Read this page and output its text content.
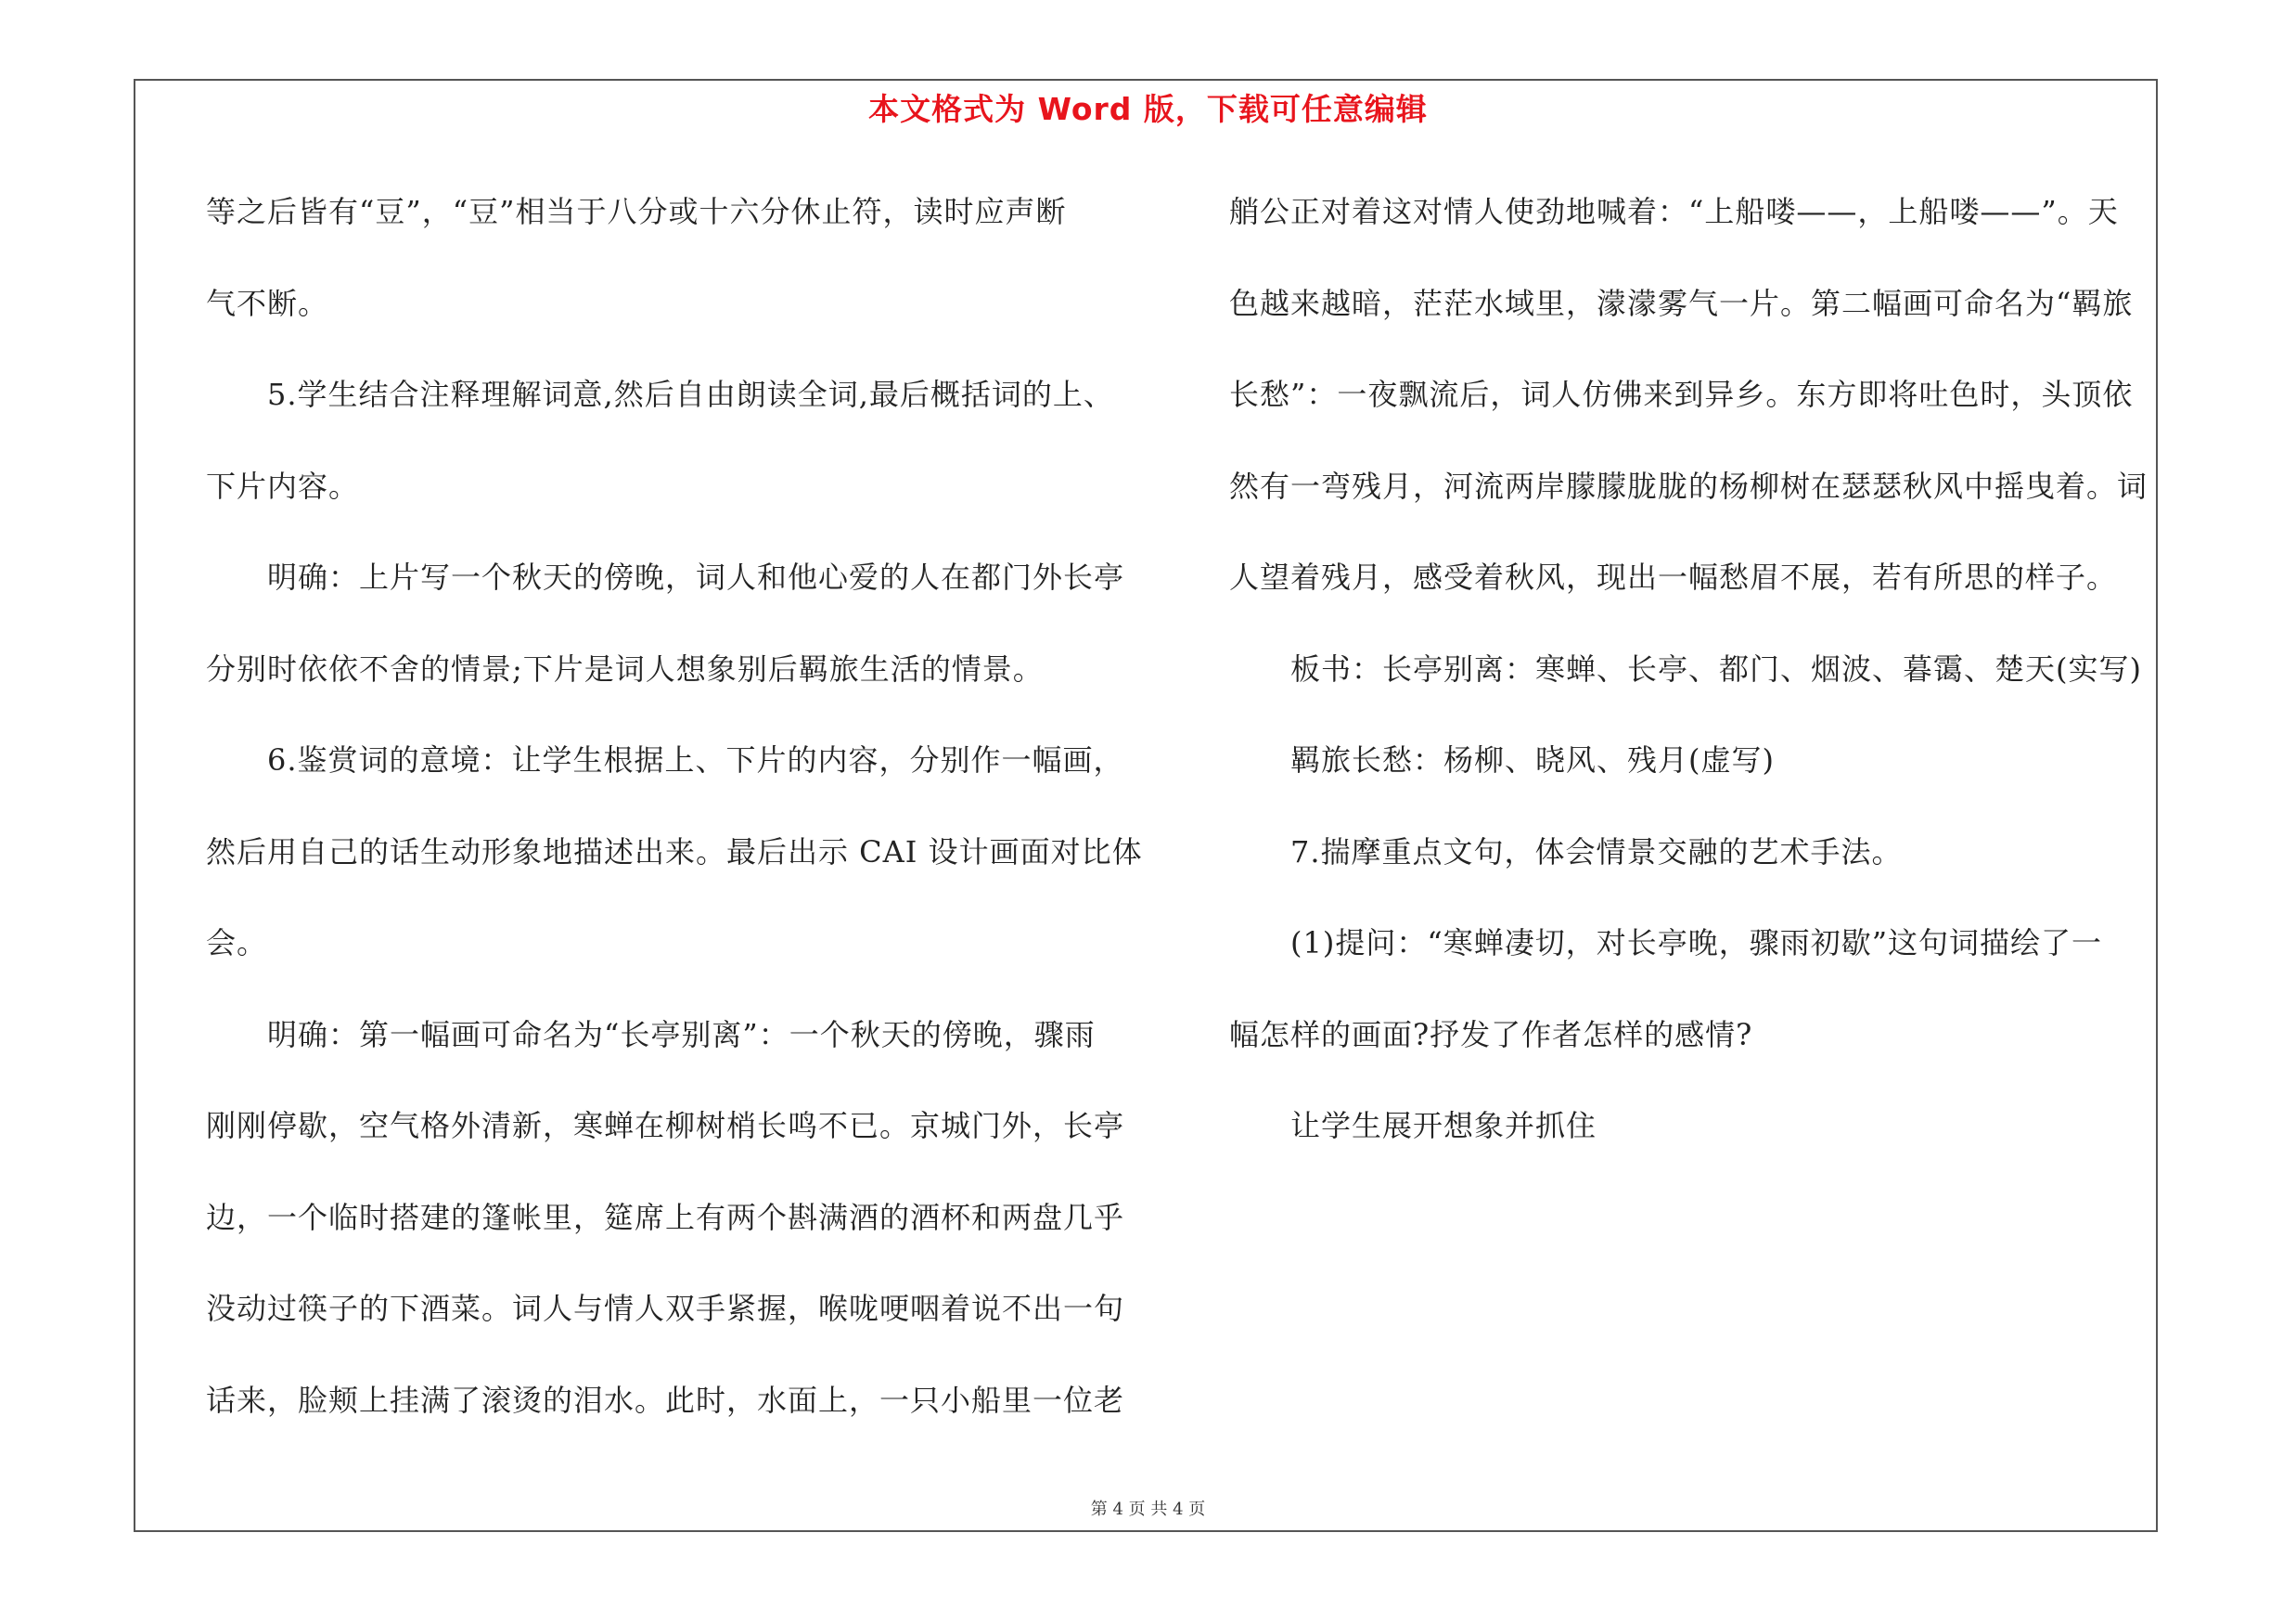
本文格式为 Word 版，下载可任意编辑
等之后皆有“豆”，“豆”相当于八分或十六分休止符，读时应声断
气不断。
5.学生结合注释理解词意,然后自由朗读全词,最后概括词的上、
下片内容。
明确：上片写一个秋天的傍晚，词人和他心爱的人在都门外长亭
分别时依依不舍的情景;下片是词人想象别后羁旅生活的情景。
6.鉴赏词的意境：让学生根据上、下片的内容，分别作一幅画，
然后用自己的话生动形象地描述出来。最后出示 CAI 设计画面对比体
会。
明确：第一幅画可命名为“长亭别离”：一个秋天的傍晚，骤雨
刚刚停歇，空气格外清新，寒蝉在柳树梢长鸣不已。京城门外，长亭
边，一个临时搭建的篷帐里，筵席上有两个斟满酒的酒杯和两盘几乎
没动过筷子的下酒菜。词人与情人双手紧握，喉咙哽咽着说不出一句
话来，脸颊上挂满了滚烫的泪水。此时，水面上，一只小船里一位老
艄公正对着这对情人使劲地喊着：“上船喽——，上船喽——”。天
色越来越暗，茫茫水域里，濛濛雾气一片。第二幅画可命名为“羁旅
长愁”：一夜飘流后，词人仿佛来到异乡。东方即将吐色时，头顶依
然有一弯残月，河流两岸朦朦胧胧的杨柳树在瑟瑟秋风中摇曳着。词
人望着残月，感受着秋风，现出一幅愁眉不展，若有所思的样子。
板书：长亭别离：寒蝉、长亭、都门、烟波、暮霭、楚天(实写)
羁旅长愁：杨柳、晓风、残月(虚写)
7.揣摩重点文句，体会情景交融的艺术手法。
(1)提问：“寒蝉凄切，对长亭晚，骤雨初歇”这句词描绘了一
幅怎样的画面?抒发了作者怎样的感情?
让学生展开想象并抓住
第 4 页 共 4 页
